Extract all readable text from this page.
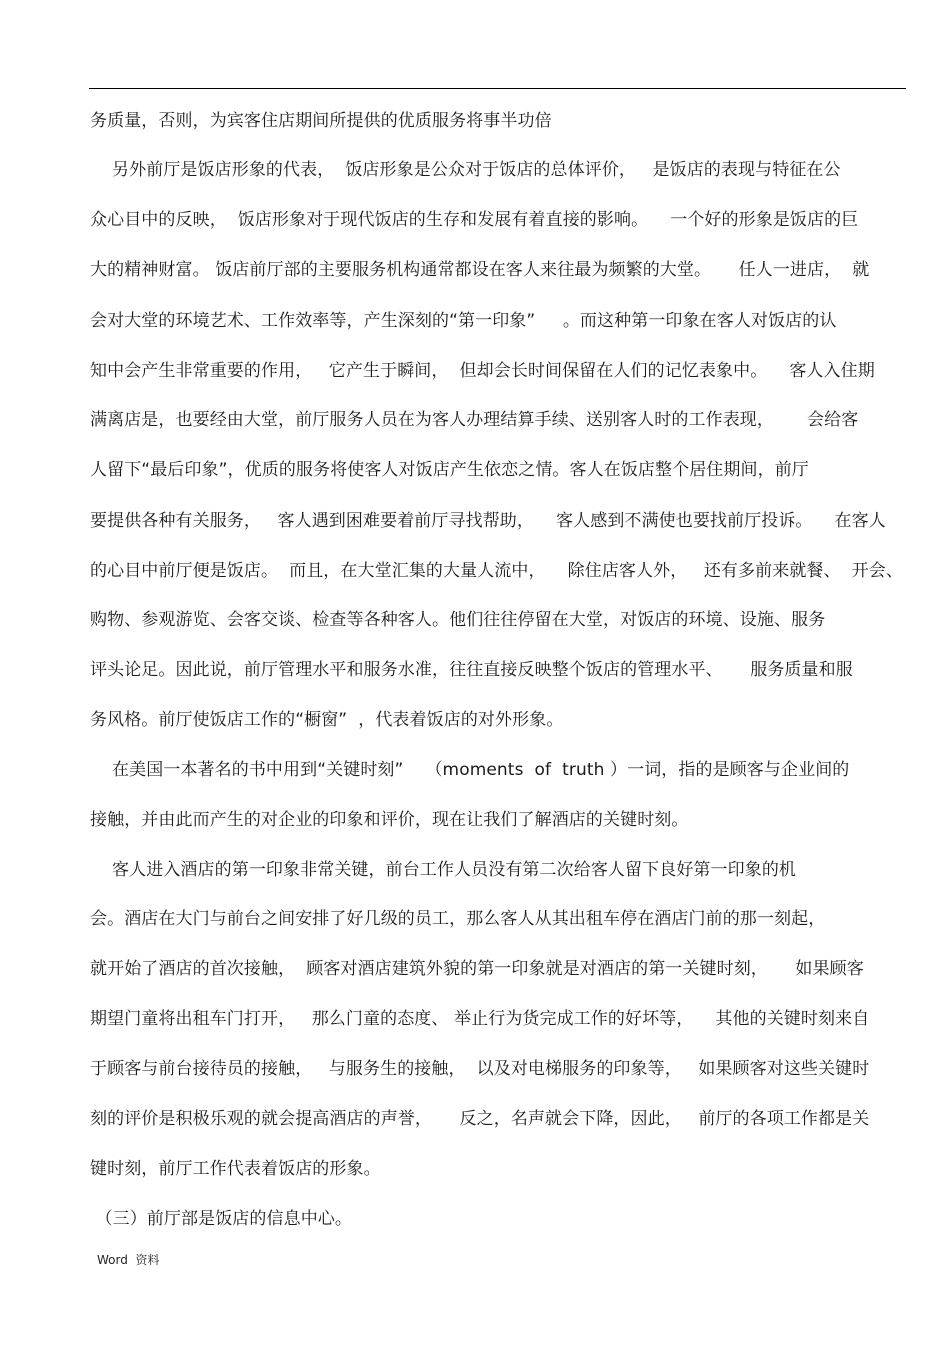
务质量，否则，为宾客住店期间所提供的优质服务将事半功倍
另外前厅是饭店形象的代表，  饭店形象是公众对于饭店的总体评价，   是饭店的表现与特征在公
众心目中的反映，  饭店形象对于现代饭店的生存和发展有着直接的影响。    一个好的形象是饭店的巨
大的精神财富。 饭店前厅部的主要服务机构通常都设在客人来往最为频繁的大堂。     任人一进店，  就
会对大堂的环境艺术、工作效率等，产生深刻的“第一印象”     。而这种第一印象在客人对饭店的认
知中会产生非常重要的作用，   它产生于瞬间，  但却会长时间保留在人们的记忆表象中。    客人入住期
满离店是，也要经由大堂，前厅服务人员在为客人办理结算手续、送别客人时的工作表现，      会给客
人留下“最后印象”，优质的服务将使客人对饭店产生依恋之情。客人在饭店整个居住期间，前厅
要提供各种有关服务，   客人遇到困难要着前厅寻找帮助，    客人感到不满使也要找前厅投诉。    在客人
的心目中前厅便是饭店。  而且，在大堂汇集的大量人流中，    除住店客人外，   还有多前来就餐、  开会、
购物、参观游览、会客交谈、检查等各种客人。他们往往停留在大堂，对饭店的环境、设施、服务
评头论足。因此说，前厅管理水平和服务水准，往往直接反映整个饭店的管理水平、     服务质量和服
务风格。前厅使饭店工作的“橱窗”  ，代表着饭店的对外形象。
在美国一本著名的书中用到“关键时刻”    （moments  of  truth ）一词，指的是顾客与企业间的
接触，并由此而产生的对企业的印象和评价，现在让我们了解酒店的关键时刻。
客人进入酒店的第一印象非常关键，前台工作人员没有第二次给客人留下良好第一印象的机
会。酒店在大门与前台之间安排了好几级的员工，那么客人从其出租车停在酒店门前的那一刻起，
就开始了酒店的首次接触，  顾客对酒店建筑外貌的第一印象就是对酒店的第一关键时刻，     如果顾客
期望门童将出租车门打开，   那么门童的态度、 举止行为货完成工作的好坏等，    其他的关键时刻来自
于顾客与前台接待员的接触，   与服务生的接触，  以及对电梯服务的印象等，   如果顾客对这些关键时
刻的评价是积极乐观的就会提高酒店的声誉，     反之，名声就会下降，因此，   前厅的各项工作都是关
键时刻，前厅工作代表着饭店的形象。
（三）前厅部是饭店的信息中心。
Word  资料
